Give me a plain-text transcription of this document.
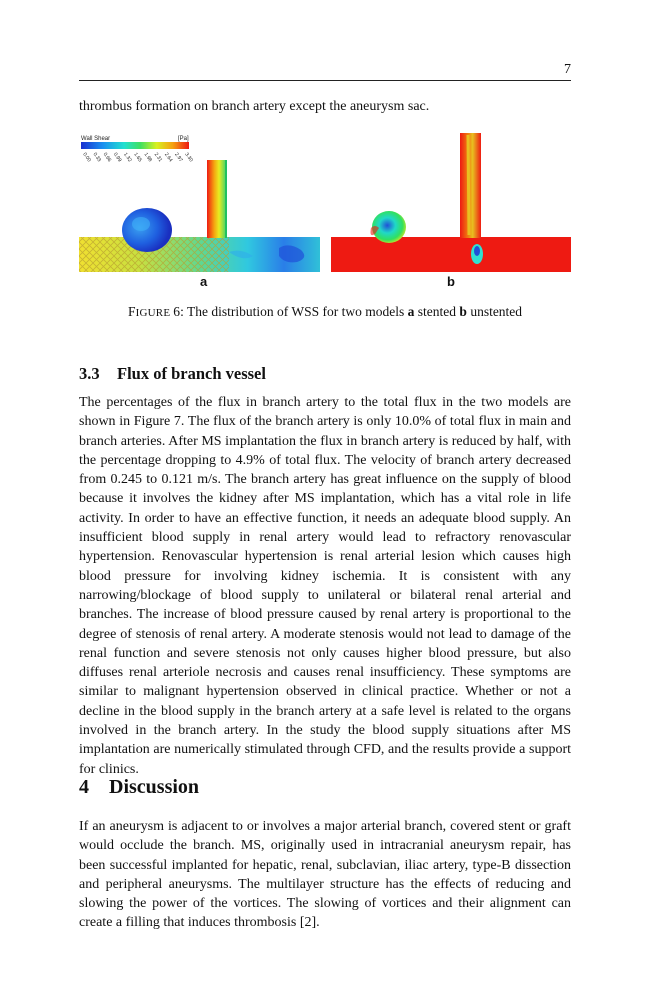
7
thrombus formation on branch artery except the aneurysm sac.
Wall Shear	[Pa]
0.00 0.33 0.66 0.99 1.32 1.65 1.98 2.31 2.64 2.97 3.30
a	b
FIGURE 6: The distribution of WSS for two models a stented b unstented
3.3 Flux of branch vessel

The percentages of the flux in branch artery to the total flux in the two models are shown in Figure 7. The flux of the branch artery is only 10.0% of total flux in main and branch arteries. After MS implantation the flux in branch artery is reduced by half, with the percentage dropping to 4.9% of total flux. The velocity of branch artery decreased from 0.245 to 0.121 m/s. The branch artery has great influence on the supply of blood because it involves the kidney after MS implantation, which has a vital role in life activity. In order to have an effective function, it needs an adequate blood supply. An insufficient blood supply in renal artery would lead to refractory renovascular hypertension. Renovascular hypertension is renal arterial lesion which causes high blood pressure for involving kidney ischemia. It is consistent with any narrowing/blockage of blood supply to unilateral or bilateral renal arterial and branches. The increase of blood pressure caused by renal artery is proportional to the degree of stenosis of renal artery. A moderate stenosis would not lead to damage of the renal function and severe stenosis not only causes higher blood pressure, but also diffuses renal arteriole necrosis and causes renal insufficiency. These symptoms are similar to malignant hypertension observed in clinical practice. Whether or not a decline in the blood supply in the branch artery at a safe level is related to the organs involved in the branch artery. In the study the blood supply situations after MS implantation are numerically stimulated through CFD, and the results provide a support for clinics.

4 Discussion

If an aneurysm is adjacent to or involves a major arterial branch, covered stent or graft would occlude the branch. MS, originally used in intracranial aneurysm repair, has been successful implanted for hepatic, renal, subclavian, iliac artery, type-B dissection and peripheral aneurysms. The multilayer structure has the effects of reducing and slowing the power of the vortices. The slowing of vortices and their alignment can create a filling that induces thrombosis [2].
